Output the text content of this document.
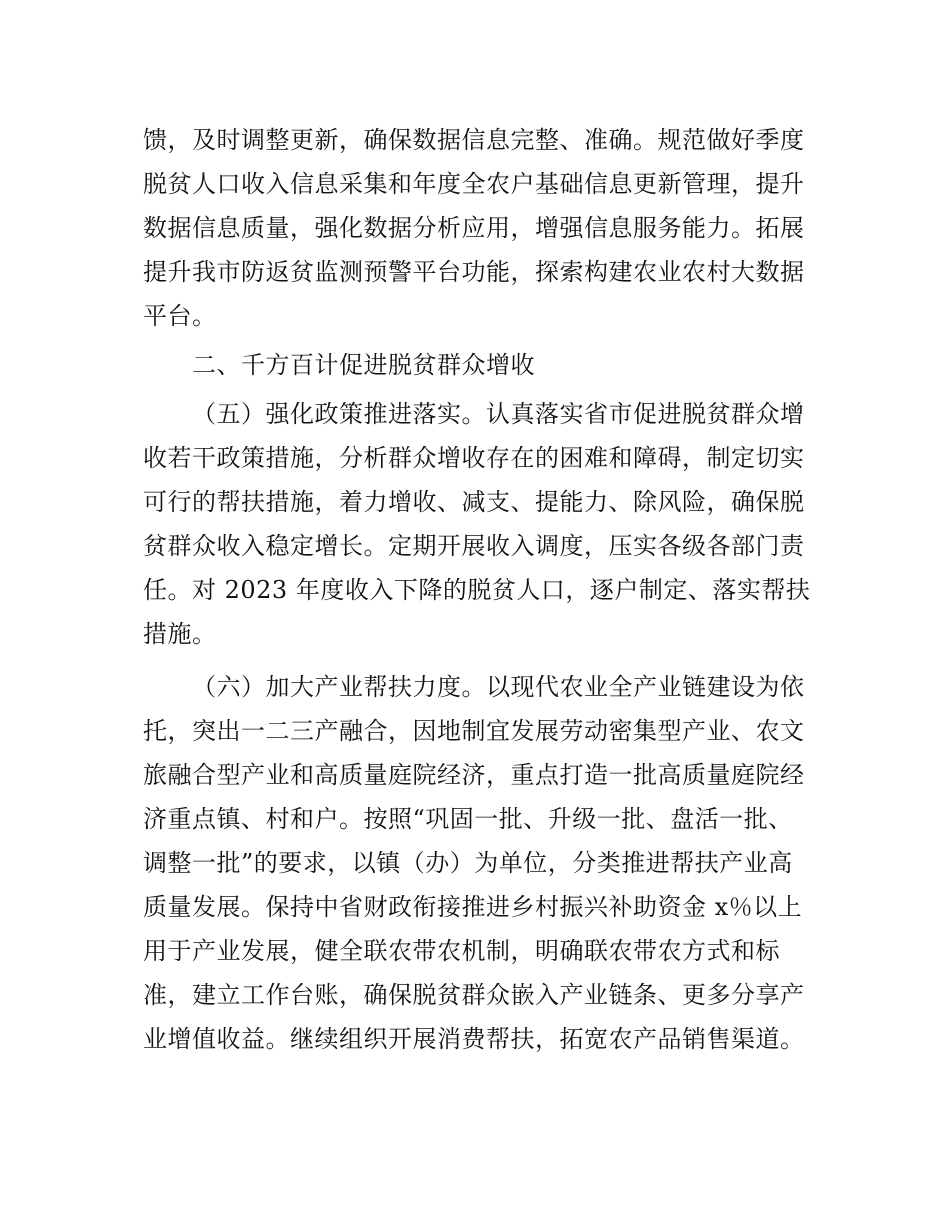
馈，及时调整更新，确保数据信息完整、准确。规范做好季度
脱贫人口收入信息采集和年度全农户基础信息更新管理，提升
数据信息质量，强化数据分析应用，增强信息服务能力。拓展
提升我市防返贫监测预警平台功能，探索构建农业农村大数据
平台。
二、千方百计促进脱贫群众增收
（五）强化政策推进落实。认真落实省市促进脱贫群众增
收若干政策措施，分析群众增收存在的困难和障碍，制定切实
可行的帮扶措施，着力增收、减支、提能力、除风险，确保脱
贫群众收入稳定增长。定期开展收入调度，压实各级各部门责
任。对 2023 年度收入下降的脱贫人口，逐户制定、落实帮扶
措施。
（六）加大产业帮扶力度。以现代农业全产业链建设为依
托，突出一二三产融合，因地制宜发展劳动密集型产业、农文
旅融合型产业和高质量庭院经济，重点打造一批高质量庭院经
济重点镇、村和户。按照“巩固一批、升级一批、盘活一批、
调整一批”的要求，以镇（办）为单位，分类推进帮扶产业高
质量发展。保持中省财政衔接推进乡村振兴补助资金 x％以上
用于产业发展，健全联农带农机制，明确联农带农方式和标
准，建立工作台账，确保脱贫群众嵌入产业链条、更多分享产
业增值收益。继续组织开展消费帮扶，拓宽农产品销售渠道。
